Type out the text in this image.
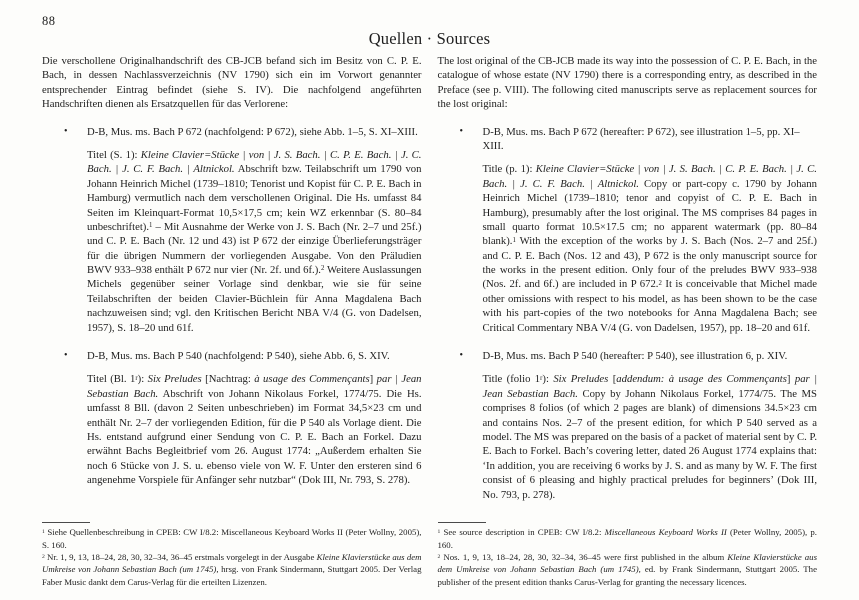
88
Quellen · Sources

Die verschollene Originalhandschrift des CB-JCB befand sich im Besitz von C. P. E. Bach, in dessen Nachlassverzeichnis (NV 1790) sich ein im Vorwort genannter entsprechender Eintrag befindet (siehe S. IV). Die nachfolgend angeführten Handschriften dienen als Ersatzquellen für das Verlorene:

• D-B, Mus. ms. Bach P 672 (nachfolgend: P 672), siehe Abb. 1–5, S. XI–XIII.

Titel (S. 1): Kleine Clavier=Stücke | von | J. S. Bach. | C. P. E. Bach. | J. C. Bach. | J. C. F. Bach. | Altnickol. Abschrift bzw. Teilabschrift um 1790 von Johann Heinrich Michel (1739–1810; Tenorist und Kopist für C. P. E. Bach in Hamburg) vermutlich nach dem verschollenen Original. Die Hs. umfasst 84 Seiten im Kleinquart-Format 10,5×17,5 cm; kein WZ erkennbar (S. 80–84 unbeschriftet).$^1$ – Mit Ausnahme der Werke von J. S. Bach (Nr. 2–7 und 25f.) und C. P. E. Bach (Nr. 12 und 43) ist P 672 der einzige Überlieferungsträger für die übrigen Nummern der vorliegenden Ausgabe. Von den Präludien BWV 933–938 enthält P 672 nur vier (Nr. 2f. und 6f.).$^2$ Weitere Auslassungen Michels gegenüber seiner Vorlage sind denkbar, wie sie für seine Teilabschriften der beiden Clavier-Büchlein für Anna Magdalena Bach nachzuweisen sind; vgl. den Kritischen Bericht NBA V/4 (G. von Dadelsen, 1957), S. 18–20 und 61f.

• D-B, Mus. ms. Bach P 540 (nachfolgend: P 540), siehe Abb. 6, S. XIV.

Titel (Bl. 1$^r$): Six Preludes [Nachtrag: à usage des Commençants] par | Jean Sebastian Bach. Abschrift von Johann Nikolaus Forkel, 1774/75. Die Hs. umfasst 8 Bll. (davon 2 Seiten unbeschrieben) im Format 34,5×23 cm und enthält Nr. 2–7 der vorliegenden Edition, für die P 540 als Vorlage dient. Die Hs. entstand aufgrund einer Sendung von C. P. E. Bach an Forkel. Dazu erwähnt Bachs Begleitbrief vom 26. August 1774: „Außerdem erhalten Sie noch 6 Stücke von J. S. u. ebenso viele von W. F. Unter den ersteren sind 6 angenehme Vorspiele für Anfänger sehr nutzbar“ (Dok III, Nr. 793, S. 278).

$^1$ Siehe Quellenbeschreibung in CPEB: CW I/8.2: Miscellaneous Keyboard Works II (Peter Wollny, 2005), S. 160.

$^2$ Nr. 1, 9, 13, 18–24, 28, 30, 32–34, 36–45 erstmals vorgelegt in der Ausgabe Kleine Klavierstücke aus dem Umkreise von Johann Sebastian Bach (um 1745), hrsg. von Frank Sindermann, Stuttgart 2005. Der Verlag Faber Music dankt dem Carus-Verlag für die erteilten Lizenzen.

The lost original of the CB-JCB made its way into the possession of C. P. E. Bach, in the catalogue of whose estate (NV 1790) there is a corresponding entry, as described in the Preface (see p. VIII). The following cited manuscripts serve as replacement sources for the lost original:

• D-B, Mus. ms. Bach P 672 (hereafter: P 672), see illustration 1–5, pp. XI–XIII.

Title (p. 1): Kleine Clavier=Stücke | von | J. S. Bach. | C. P. E. Bach. | J. C. Bach. | J. C. F. Bach. | Altnickol. Copy or part-copy c. 1790 by Johann Heinrich Michel (1739–1810; tenor and copyist of C. P. E. Bach in Hamburg), presumably after the lost original. The MS comprises 84 pages in small quarto format 10.5×17.5 cm; no apparent watermark (pp. 80–84 blank).$^1$ With the exception of the works by J. S. Bach (Nos. 2–7 and 25f.) and C. P. E. Bach (Nos. 12 and 43), P 672 is the only manuscript source for the works in the present edition. Only four of the preludes BWV 933–938 (Nos. 2f. and 6f.) are included in P 672.$^2$ It is conceivable that Michel made other omissions with respect to his model, as has been shown to be the case with his part-copies of the two notebooks for Anna Magdalena Bach; see Critical Commentary NBA V/4 (G. von Dadelsen, 1957), pp. 18–20 and 61f.

• D-B, Mus. ms. Bach P 540 (hereafter: P 540), see illustration 6, p. XIV.

Title (folio 1$^r$): Six Preludes [addendum: à usage des Commençants] par | Jean Sebastian Bach. Copy by Johann Nikolaus Forkel, 1774/75. The MS comprises 8 folios (of which 2 pages are blank) of dimensions 34.5×23 cm and contains Nos. 2–7 of the present edition, for which P 540 served as a model. The MS was prepared on the basis of a packet of material sent by C. P. E. Bach to Forkel. Bach’s covering letter, dated 26 August 1774 explains that: ‘In addition, you are receiving 6 works by J. S. and as many by W. F. The first consist of 6 pleasing and highly practical preludes for beginners’ (Dok III, No. 793, p. 278).

$^1$ See source description in CPEB: CW I/8.2: Miscellaneous Keyboard Works II (Peter Wollny, 2005), p. 160.

$^2$ Nos. 1, 9, 13, 18–24, 28, 30, 32–34, 36–45 were first published in the album Kleine Klavierstücke aus dem Umkreise von Johann Sebastian Bach (um 1745), ed. by Frank Sindermann, Stuttgart 2005. The publisher of the present edition thanks Carus-Verlag for granting the necessary licences.
